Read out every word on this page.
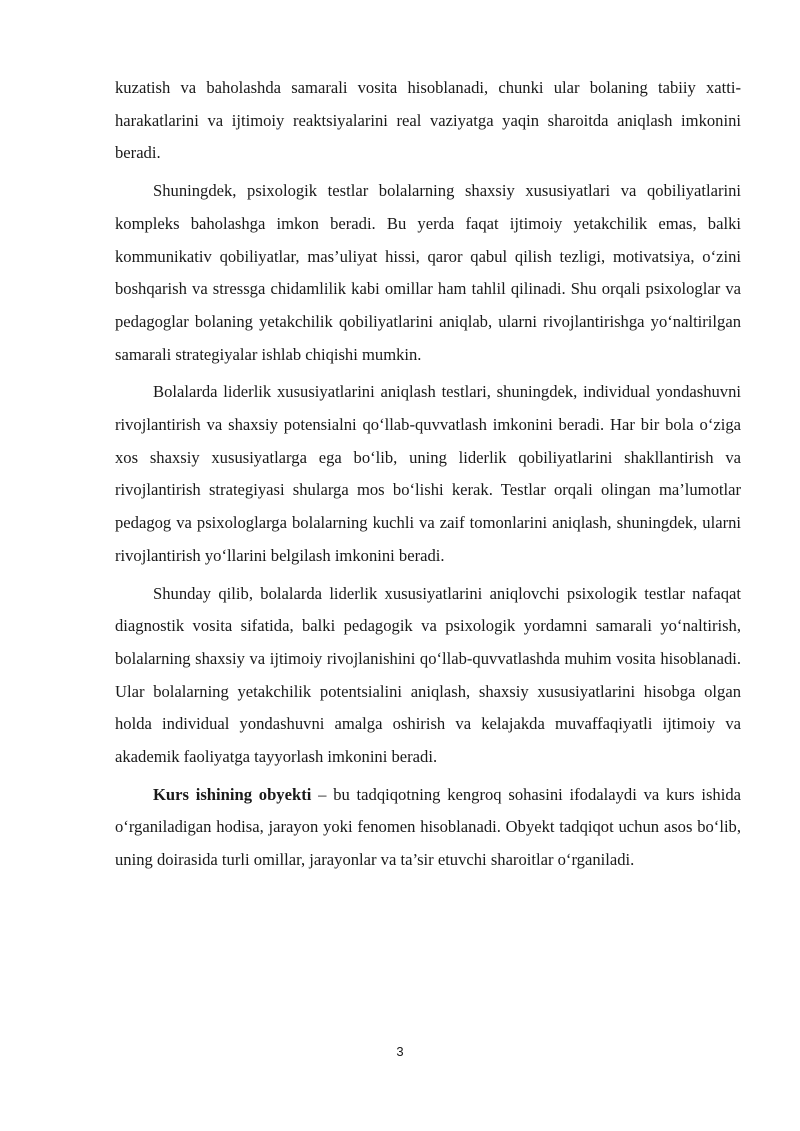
kuzatish va baholashda samarali vosita hisoblanadi, chunki ular bolaning tabiiy xatti-harakatlarini va ijtimoiy reaktsiyalarini real vaziyatga yaqin sharoitda aniqlash imkonini beradi.

Shuningdek, psixologik testlar bolalarning shaxsiy xususiyatlari va qobiliyatlarini kompleks baholashga imkon beradi. Bu yerda faqat ijtimoiy yetakchilik emas, balki kommunikativ qobiliyatlar, mas’uliyat hissi, qaror qabul qilish tezligi, motivatsiya, oʻzini boshqarish va stressga chidamlilik kabi omillar ham tahlil qilinadi. Shu orqali psixologlar va pedagoglar bolaning yetakchilik qobiliyatlarini aniqlab, ularni rivojlantirishga yoʻnaltirilgan samarali strategiyalar ishlab chiqishi mumkin.

Bolalarda liderlik xususiyatlarini aniqlash testlari, shuningdek, individual yondashuvni rivojlantirish va shaxsiy potensialni qoʻllab-quvvatlash imkonini beradi. Har bir bola oʻziga xos shaxsiy xususiyatlarga ega boʻlib, uning liderlik qobiliyatlarini shakllantirish va rivojlantirish strategiyasi shularga mos boʻlishi kerak. Testlar orqali olingan ma’lumotlar pedagog va psixologlarga bolalarning kuchli va zaif tomonlarini aniqlash, shuningdek, ularni rivojlantirish yoʻllarini belgilash imkonini beradi.

Shunday qilib, bolalarda liderlik xususiyatlarini aniqlovchi psixologik testlar nafaqat diagnostik vosita sifatida, balki pedagogik va psixologik yordamni samarali yoʻnaltirish, bolalarning shaxsiy va ijtimoiy rivojlanishini qoʻllab-quvvatlashda muhim vosita hisoblanadi. Ular bolalarning yetakchilik potentsialini aniqlash, shaxsiy xususiyatlarini hisobga olgan holda individual yondashuvni amalga oshirish va kelajakda muvaffaqiyatli ijtimoiy va akademik faoliyatga tayyorlash imkonini beradi.

Kurs ishining obyekti – bu tadqiqotning kengroq sohasini ifodalaydi va kurs ishida oʻrganiladigan hodisa, jarayon yoki fenomen hisoblanadi. Obyekt tadqiqot uchun asos boʻlib, uning doirasida turli omillar, jarayonlar va ta’sir etuvchi sharoitlar oʻrganiladi.

3
